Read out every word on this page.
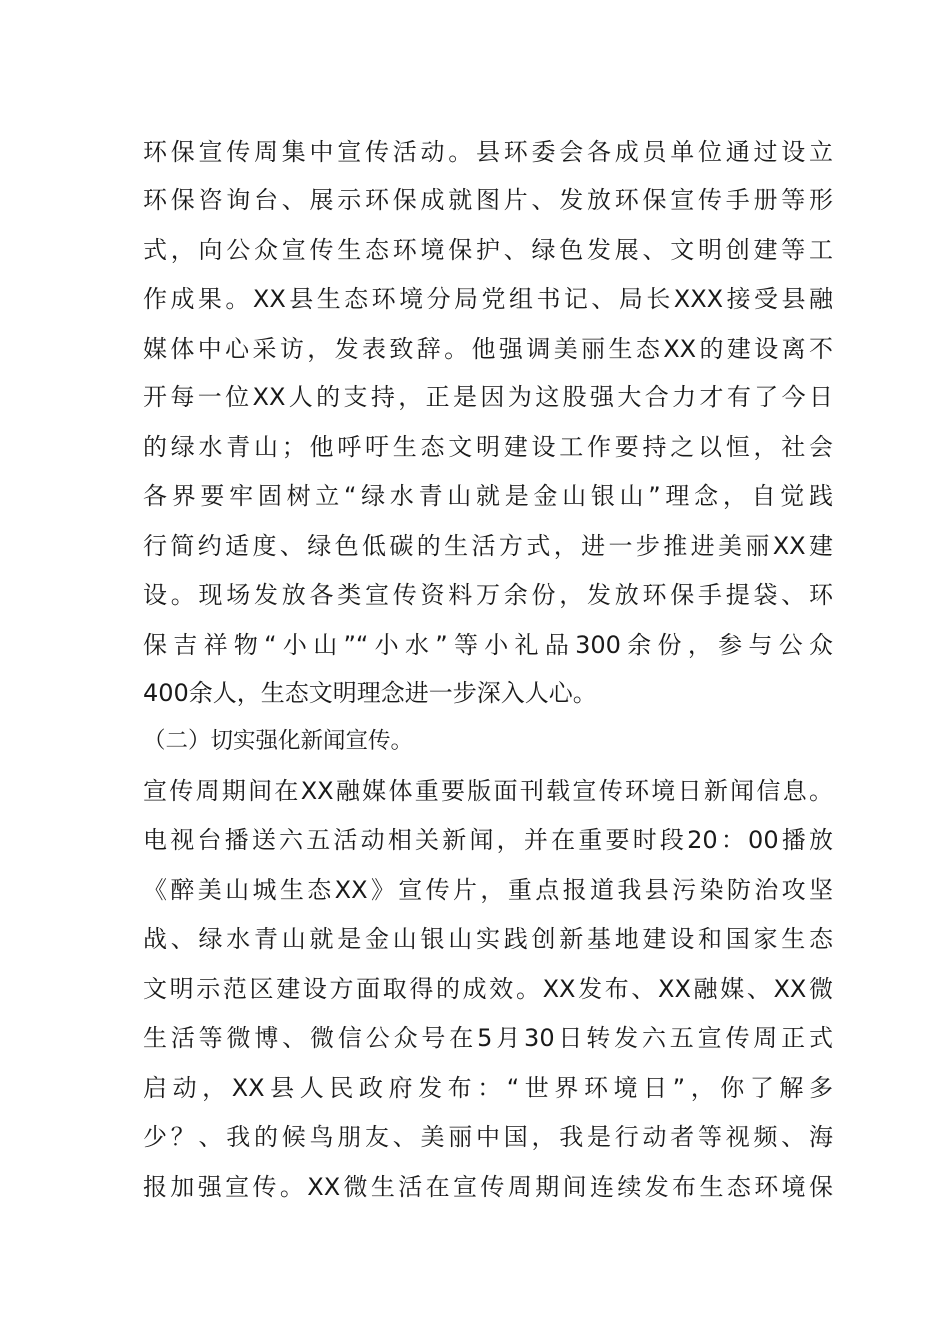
环保宣传周集中宣传活动。县环委会各成员单位通过设立
环保咨询台、展示环保成就图片、发放环保宣传手册等形
式，向公众宣传生态环境保护、绿色发展、文明创建等工
作成果。XX县生态环境分局党组书记、局长XXX接受县融
媒体中心采访，发表致辞。他强调美丽生态XX的建设离不
开每一位XX人的支持，正是因为这股强大合力才有了今日
的绿水青山；他呼吁生态文明建设工作要持之以恒，社会
各界要牢固树立“绿水青山就是金山银山”理念，自觉践
行简约适度、绿色低碳的生活方式，进一步推进美丽XX建
设。现场发放各类宣传资料万余份，发放环保手提袋、环
保吉祥物“小山”“小水”等小礼品300余份，参与公众
400余人，生态文明理念进一步深入人心。
（二）切实强化新闻宣传。
宣传周期间在XX融媒体重要版面刊载宣传环境日新闻信息。
电视台播送六五活动相关新闻，并在重要时段20：00播放
《醉美山城生态XX》宣传片，重点报道我县污染防治攻坚
战、绿水青山就是金山银山实践创新基地建设和国家生态
文明示范区建设方面取得的成效。XX发布、XX融媒、XX微
生活等微博、微信公众号在5月30日转发六五宣传周正式
启动，XX县人民政府发布：“世界环境日”，你了解多
少？、我的候鸟朋友、美丽中国，我是行动者等视频、海
报加强宣传。XX微生活在宣传周期间连续发布生态环境保
